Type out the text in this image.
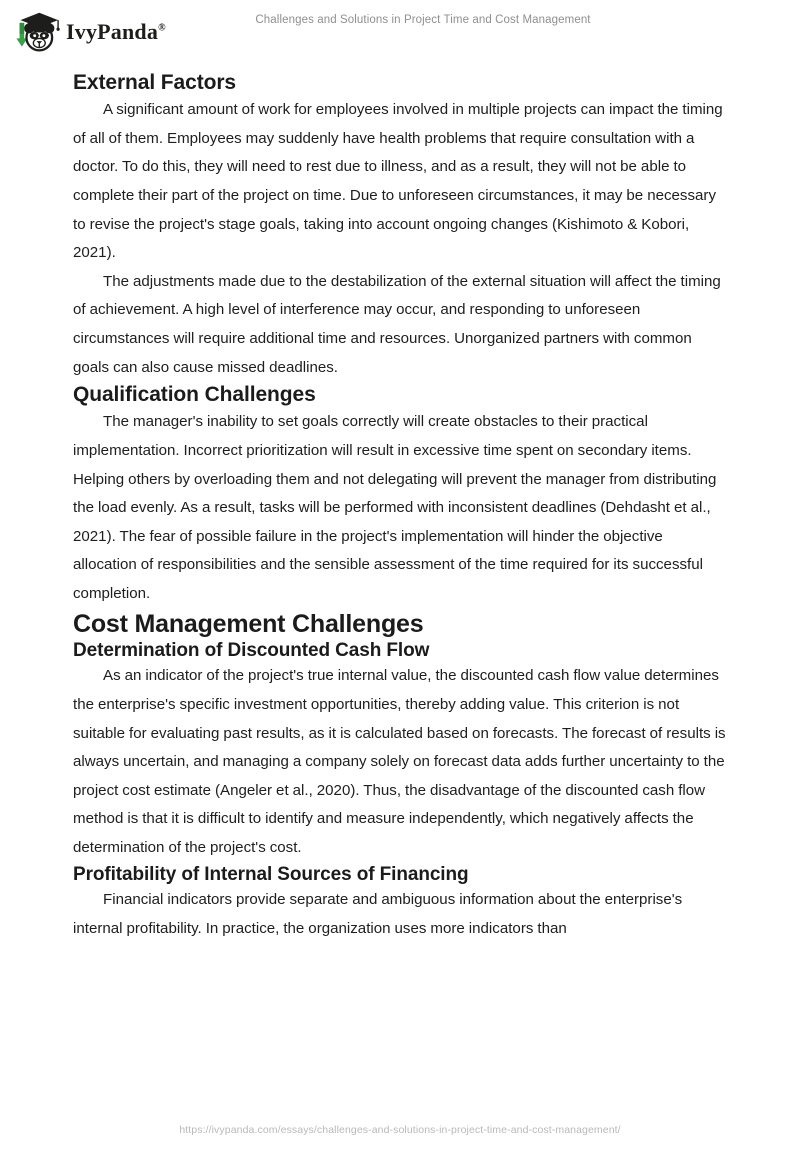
IvyPanda®
Challenges and Solutions in Project Time and Cost Management
External Factors

A significant amount of work for employees involved in multiple projects can impact the timing of all of them. Employees may suddenly have health problems that require consultation with a doctor. To do this, they will need to rest due to illness, and as a result, they will not be able to complete their part of the project on time. Due to unforeseen circumstances, it may be necessary to revise the project's stage goals, taking into account ongoing changes (Kishimoto & Kobori, 2021).

The adjustments made due to the destabilization of the external situation will affect the timing of achievement. A high level of interference may occur, and responding to unforeseen circumstances will require additional time and resources. Unorganized partners with common goals can also cause missed deadlines.

Qualification Challenges

The manager's inability to set goals correctly will create obstacles to their practical implementation. Incorrect prioritization will result in excessive time spent on secondary items. Helping others by overloading them and not delegating will prevent the manager from distributing the load evenly. As a result, tasks will be performed with inconsistent deadlines (Dehdasht et al., 2021). The fear of possible failure in the project's implementation will hinder the objective allocation of responsibilities and the sensible assessment of the time required for its successful completion.

Cost Management Challenges
Determination of Discounted Cash Flow

As an indicator of the project's true internal value, the discounted cash flow value determines the enterprise's specific investment opportunities, thereby adding value. This criterion is not suitable for evaluating past results, as it is calculated based on forecasts. The forecast of results is always uncertain, and managing a company solely on forecast data adds further uncertainty to the project cost estimate (Angeler et al., 2020). Thus, the disadvantage of the discounted cash flow method is that it is difficult to identify and measure independently, which negatively affects the determination of the project's cost.

Profitability of Internal Sources of Financing

Financial indicators provide separate and ambiguous information about the enterprise's internal profitability. In practice, the organization uses more indicators than

https://ivypanda.com/essays/challenges-and-solutions-in-project-time-and-cost-management/
